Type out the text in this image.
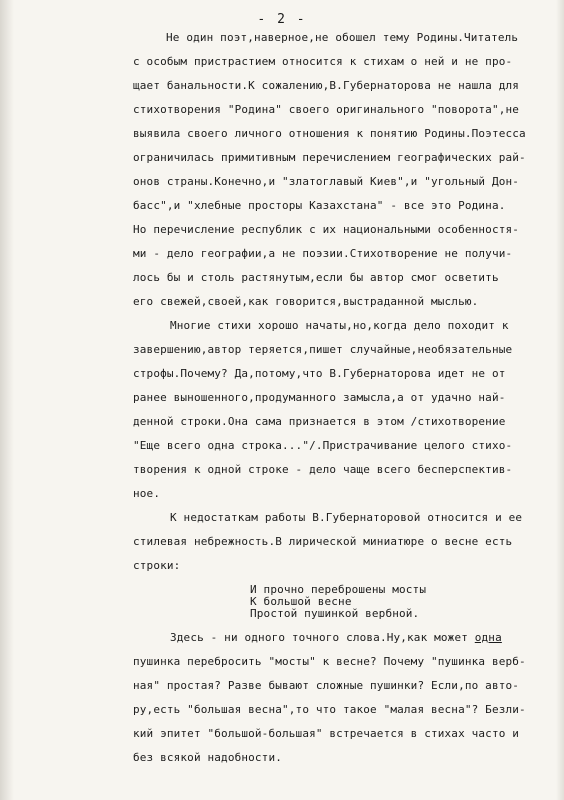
- 2 -
Не один поэт,наверное,не обошел тему Родины.Читатель
с особым пристрастием относится к стихам о ней и не про-
щает банальности.К сожалению,В.Губернаторова не нашла для
стихотворения "Родина" своего оригинального "поворота",не
выявила своего личного отношения к понятию Родины.Поэтесса
ограничилась примитивным перечислением географических рай-
онов страны.Конечно,и "златоглавый Киев",и "угольный Дон-
басс",и "хлебные просторы Казахстана" - все это Родина.
Но перечисление республик с их национальными особенностя-
ми - дело географии,а не поэзии.Стихотворение не получи-
лось бы и столь растянутым,если бы автор смог осветить
его свежей,своей,как говорится,выстраданной мыслью.
Многие стихи хорошо начаты,но,когда дело походит к
завершению,автор теряется,пишет случайные,необязательные
строфы.Почему? Да,потому,что В.Губернаторова идет не от
ранее выношенного,продуманного замысла,а от удачно най-
денной строки.Она сама признается в этом /стихотворение
"Еще всего одна строка..."/.Пристрачивание целого стихо-
творения к одной строке - дело чаще всего бесперспектив-
ное.
К недостаткам работы В.Губернаторовой относится и ее
стилевая небрежность.В лирической миниатюре о весне есть
строки:
И прочно переброшены мосты
К большой весне
Простой пушинкой вербной.
Здесь - ни одного точного слова.Ну,как может одна
пушинка перебросить "мосты" к весне? Почему "пушинка верб-
ная" простая? Разве бывают сложные пушинки? Если,по авто-
ру,есть "большая весна",то что такое "малая весна"? Безли-
кий эпитет "большой-большая" встречается в стихах часто и
без всякой надобности.
